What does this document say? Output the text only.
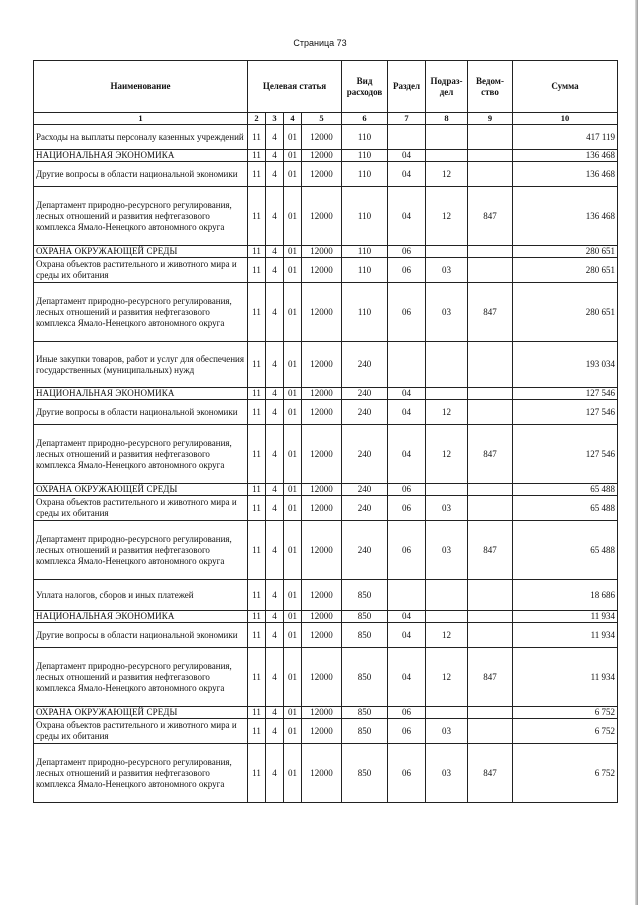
Страница 73
Наименование	Целевая статья				Вид расходов	Раздел	Подраз-дел	Ведом-ство	Сумма
1	2	3	4	5	6	7	8	9	10
Расходы на выплаты персоналу казенных учреждений	11	4	01	12000	110				417 119
НАЦИОНАЛЬНАЯ ЭКОНОМИКА	11	4	01	12000	110	04			136 468
Другие вопросы в области национальной экономики	11	4	01	12000	110	04	12		136 468
Департамент природно-ресурсного регулирования, лесных отношений и развития нефтегазового комплекса Ямало-Ненецкого автономного округа	11	4	01	12000	110	04	12	847	136 468
ОХРАНА ОКРУЖАЮЩЕЙ СРЕДЫ	11	4	01	12000	110	06			280 651
Охрана объектов растительного и животного мира и среды их обитания	11	4	01	12000	110	06	03		280 651
Департамент природно-ресурсного регулирования, лесных отношений и развития нефтегазового комплекса Ямало-Ненецкого автономного округа	11	4	01	12000	110	06	03	847	280 651
Иные закупки товаров, работ и услуг для обеспечения государственных (муниципальных) нужд	11	4	01	12000	240				193 034
НАЦИОНАЛЬНАЯ ЭКОНОМИКА	11	4	01	12000	240	04			127 546
Другие вопросы в области национальной экономики	11	4	01	12000	240	04	12		127 546
Департамент природно-ресурсного регулирования, лесных отношений и развития нефтегазового комплекса Ямало-Ненецкого автономного округа	11	4	01	12000	240	04	12	847	127 546
ОХРАНА ОКРУЖАЮЩЕЙ СРЕДЫ	11	4	01	12000	240	06			65 488
Охрана объектов растительного и животного мира и среды их обитания	11	4	01	12000	240	06	03		65 488
Департамент природно-ресурсного регулирования, лесных отношений и развития нефтегазового комплекса Ямало-Ненецкого автономного округа	11	4	01	12000	240	06	03	847	65 488
Уплата налогов, сборов и иных платежей	11	4	01	12000	850				18 686
НАЦИОНАЛЬНАЯ ЭКОНОМИКА	11	4	01	12000	850	04			11 934
Другие вопросы в области национальной экономики	11	4	01	12000	850	04	12		11 934
Департамент природно-ресурсного регулирования, лесных отношений и развития нефтегазового комплекса Ямало-Ненецкого автономного округа	11	4	01	12000	850	04	12	847	11 934
ОХРАНА ОКРУЖАЮЩЕЙ СРЕДЫ	11	4	01	12000	850	06			6 752
Охрана объектов растительного и животного мира и среды их обитания	11	4	01	12000	850	06	03		6 752
Департамент природно-ресурсного регулирования, лесных отношений и развития нефтегазового комплекса Ямало-Ненецкого автономного округа	11	4	01	12000	850	06	03	847	6 752
